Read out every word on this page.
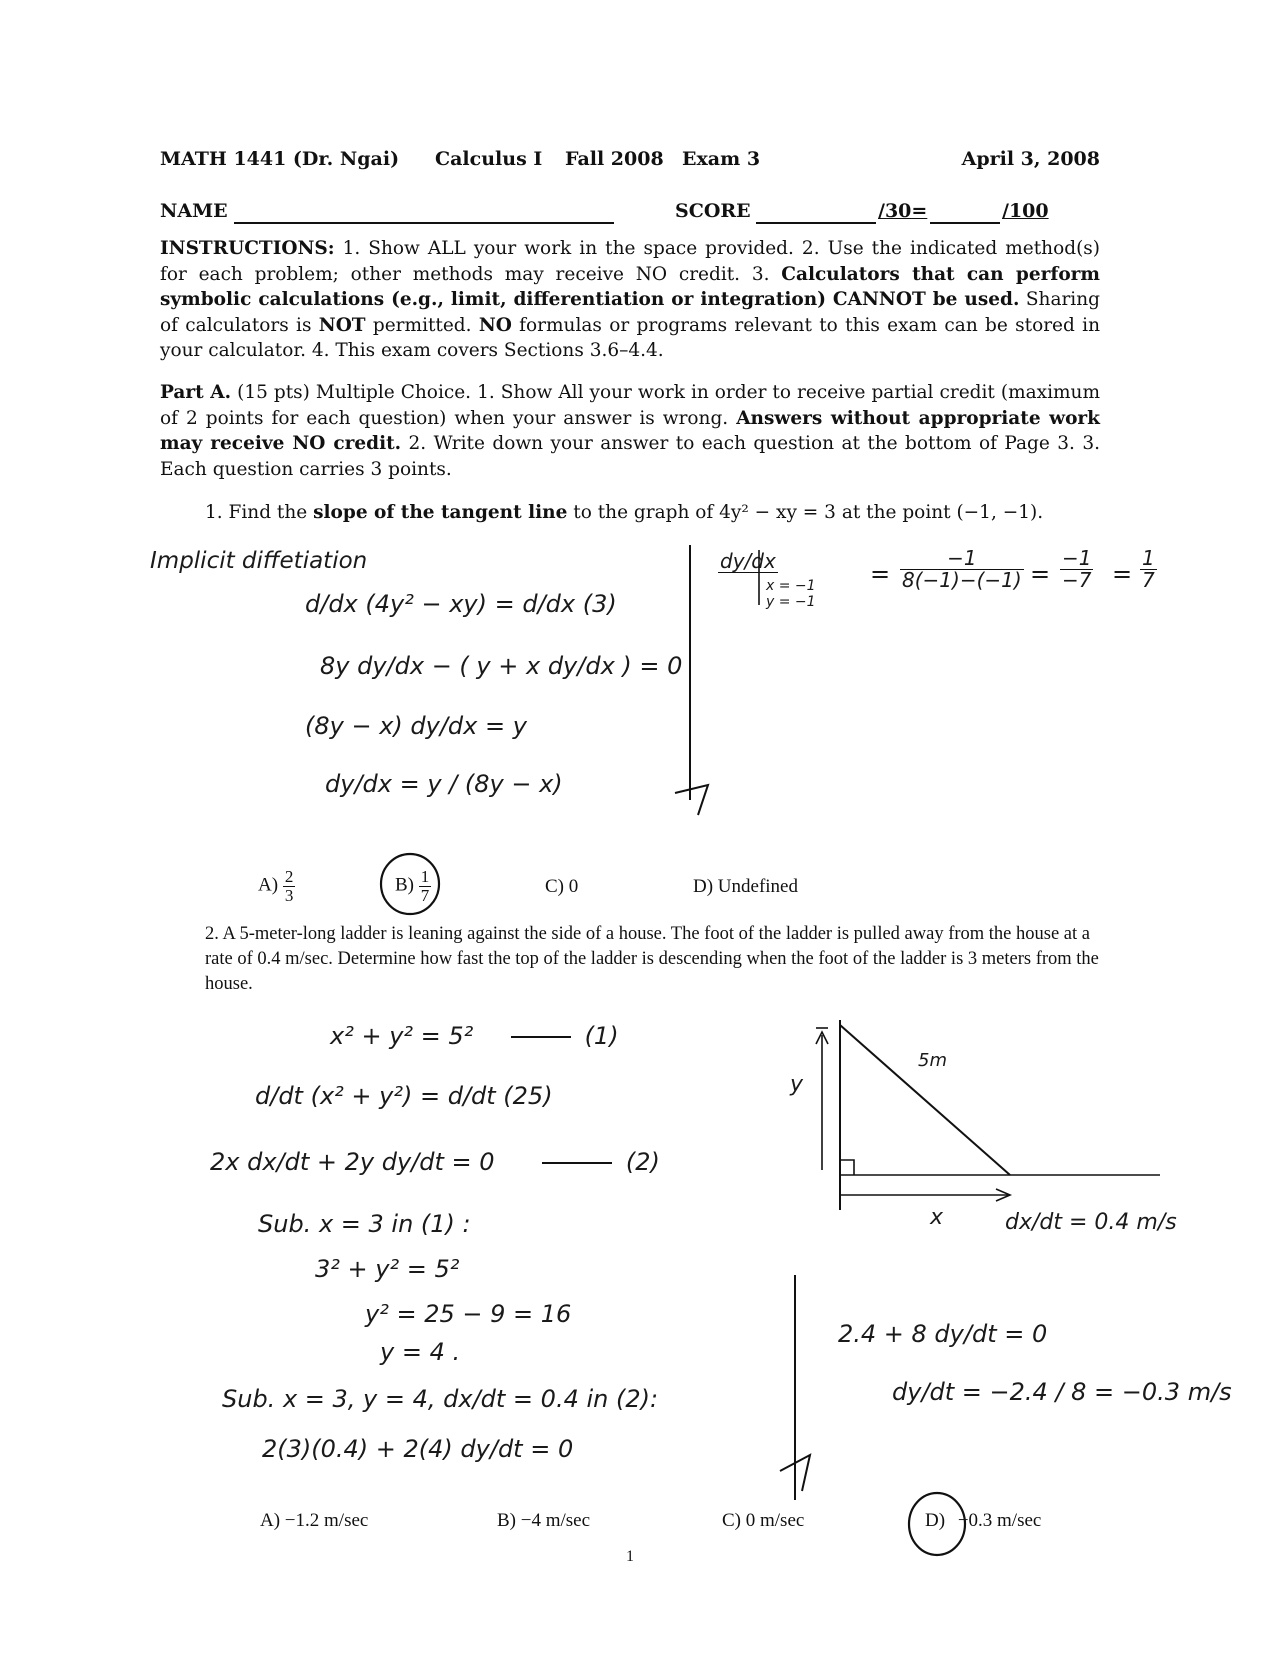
MATH 1441 (Dr. Ngai) Calculus I Fall 2008 Exam 3	April 3, 2008
NAME	SCORE	/30=	/100
INSTRUCTIONS: 1. Show ALL your work in the space provided. 2. Use the indicated method(s) for each problem; other methods may receive NO credit. 3. Calculators that can perform symbolic calculations (e.g., limit, differentiation or integration) CANNOT be used. Sharing of calculators is NOT permitted. NO formulas or programs relevant to this exam can be stored in your calculator. 4. This exam covers Sections 3.6–4.4.
Part A. (15 pts) Multiple Choice. 1. Show All your work in order to receive partial credit (maximum of 2 points for each question) when your answer is wrong. Answers without appropriate work may receive NO credit. 2. Write down your answer to each question at the bottom of Page 3. 3. Each question carries 3 points.
1. Find the slope of the tangent line to the graph of 4y² − xy = 3 at the point (−1, −1).
Implicit diffetiation
d/dx (4y² − xy) = d/dx (3)
8y dy/dx − ( y + x dy/dx ) = 0
(8y − x) dy/dx = y
dy/dx = y / (8y − x)
dy/dx
x = −1
y = −1
= $\frac{-1}{8(-1)-(-1)} = \frac{-1}{-7} = \frac{1}{7}$
$A) \frac{2}{3}$	$B) \frac{1}{7}$	C) 0	D) Undefined
2. A 5-meter-long ladder is leaning against the side of a house. The foot of the ladder is pulled away from the house at a rate of 0.4 m/sec. Determine how fast the top of the ladder is descending when the foot of the ladder is 3 meters from the house.
x² + y² = 5²	(1)
d/dt (x² + y²) = d/dt (25)
2x dx/dt + 2y dy/dt = 0	(2)
Sub. x = 3 in (1) :
3² + y² = 5²
y² = 25 − 9 = 16
y = 4 .
Sub. x = 3, y = 4, dx/dt = 0.4 in (2):
2(3)(0.4) + 2(4) dy/dt = 0
y
5m
x	dx/dt = 0.4 m/s
2.4 + 8 dy/dt = 0
dy/dt = −2.4 / 8 = −0.3 m/s
A) −1.2 m/sec	B) −4 m/sec	C) 0 m/sec	D) −0.3 m/sec
1
